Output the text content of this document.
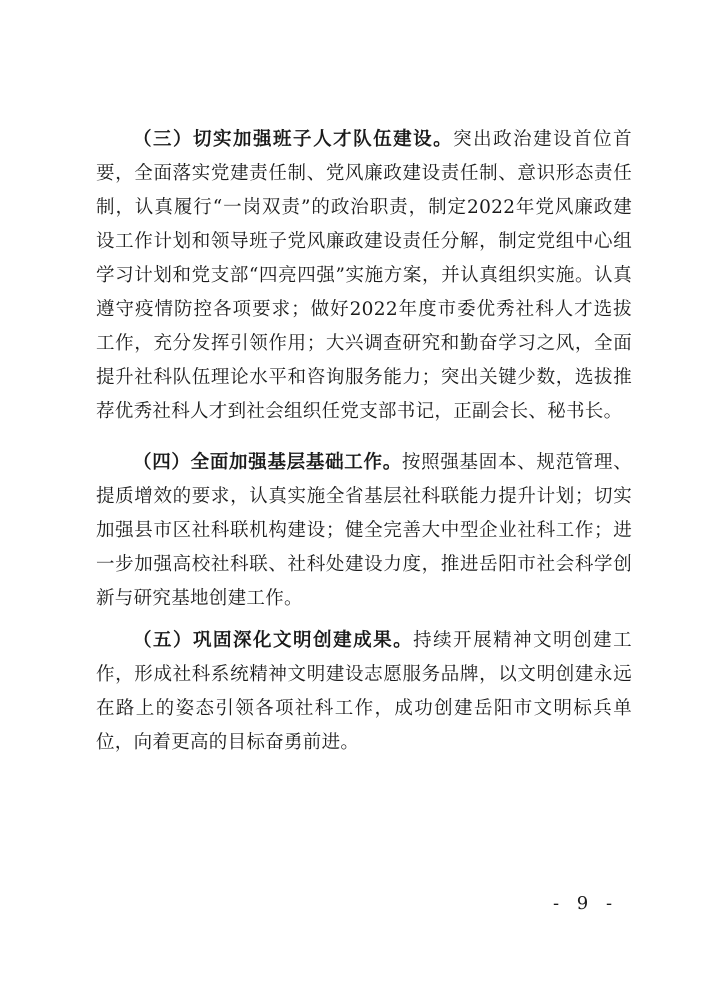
（三）切实加强班子人才队伍建设。突出政治建设首位首要，全面落实党建责任制、党风廉政建设责任制、意识形态责任制，认真履行“一岗双责”的政治职责，制定2022年党风廉政建设工作计划和领导班子党风廉政建设责任分解，制定党组中心组学习计划和党支部“四亮四强”实施方案，并认真组织实施。认真遵守疫情防控各项要求；做好2022年度市委优秀社科人才选拔工作，充分发挥引领作用；大兴调查研究和勤奋学习之风，全面提升社科队伍理论水平和咨询服务能力；突出关键少数，选拔推荐优秀社科人才到社会组织任党支部书记，正副会长、秘书长。

（四）全面加强基层基础工作。按照强基固本、规范管理、提质增效的要求，认真实施全省基层社科联能力提升计划；切实加强县市区社科联机构建设；健全完善大中型企业社科工作；进一步加强高校社科联、社科处建设力度，推进岳阳市社会科学创新与研究基地创建工作。

（五）巩固深化文明创建成果。持续开展精神文明创建工作，形成社科系统精神文明建设志愿服务品牌，以文明创建永远在路上的姿态引领各项社科工作，成功创建岳阳市文明标兵单位，向着更高的目标奋勇前进。

- 9 -
